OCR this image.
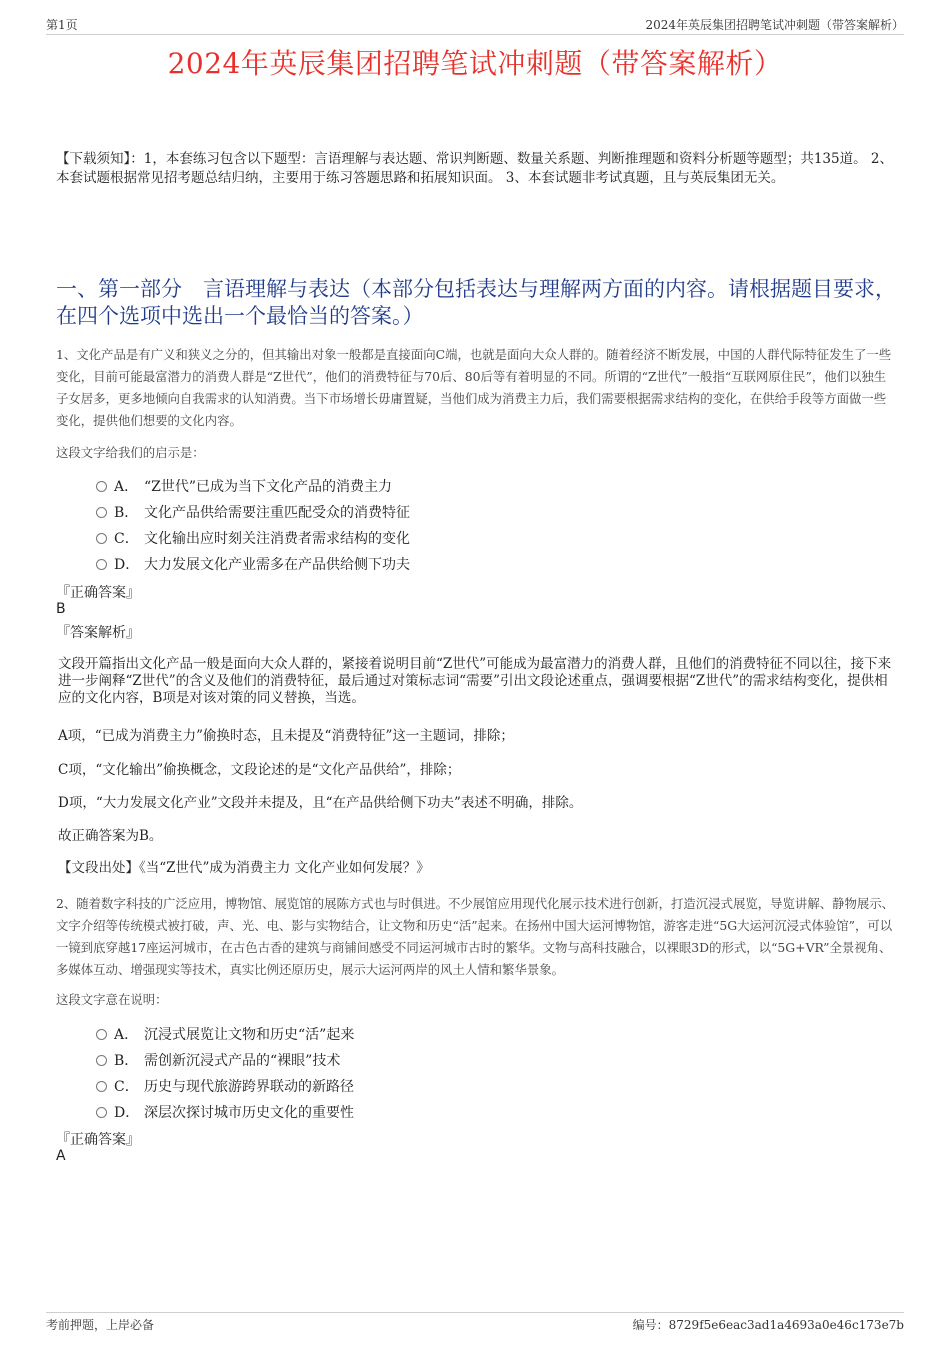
第1页	2024年英辰集团招聘笔试冲刺题（带答案解析）
2024年英辰集团招聘笔试冲刺题（带答案解析）
【下载须知】：1，本套练习包含以下题型：言语理解与表达题、常识判断题、数量关系题、判断推理题和资料分析题等题型；共135道。 2、本套试题根据常见招考题总结归纳，主要用于练习答题思路和拓展知识面。 3、本套试题非考试真题，且与英辰集团无关。
一、第一部分　言语理解与表达（本部分包括表达与理解两方面的内容。请根据题目要求，在四个选项中选出一个最恰当的答案。）
1、文化产品是有广义和狭义之分的，但其输出对象一般都是直接面向C端，也就是面向大众人群的。随着经济不断发展，中国的人群代际特征发生了一些变化，目前可能最富潜力的消费人群是“Z世代”，他们的消费特征与70后、80后等有着明显的不同。所谓的“Z世代”一般指“互联网原住民”，他们以独生子女居多，更多地倾向自我需求的认知消费。当下市场增长毋庸置疑，当他们成为消费主力后，我们需要根据需求结构的变化，在供给手段等方面做一些变化，提供他们想要的文化内容。
这段文字给我们的启示是：
A． “Z世代”已成为当下文化产品的消费主力
B． 文化产品供给需要注重匹配受众的消费特征
C． 文化输出应时刻关注消费者需求结构的变化
D． 大力发展文化产业需多在产品供给侧下功夫
『正确答案』
B
『答案解析』
文段开篇指出文化产品一般是面向大众人群的，紧接着说明目前“Z世代”可能成为最富潜力的消费人群，且他们的消费特征不同以往，接下来进一步阐释“Z世代”的含义及他们的消费特征，最后通过对策标志词“需要”引出文段论述重点，强调要根据“Z世代”的需求结构变化，提供相应的文化内容，B项是对该对策的同义替换，当选。
A项，“已成为消费主力”偷换时态，且未提及“消费特征”这一主题词，排除；
C项，“文化输出”偷换概念，文段论述的是“文化产品供给”，排除；
D项，“大力发展文化产业”文段并未提及，且“在产品供给侧下功夫”表述不明确，排除。
故正确答案为B。
【文段出处】《当“Z世代”成为消费主力 文化产业如何发展？》
2、随着数字科技的广泛应用，博物馆、展览馆的展陈方式也与时俱进。不少展馆应用现代化展示技术进行创新，打造沉浸式展览，导览讲解、静物展示、文字介绍等传统模式被打破，声、光、电、影与实物结合，让文物和历史“活”起来。在扬州中国大运河博物馆，游客走进“5G大运河沉浸式体验馆”，可以一镜到底穿越17座运河城市，在古色古香的建筑与商铺间感受不同运河城市古时的繁华。文物与高科技融合，以裸眼3D的形式，以“5G+VR”全景视角、多媒体互动、增强现实等技术，真实比例还原历史，展示大运河两岸的风土人情和繁华景象。
这段文字意在说明：
A． 沉浸式展览让文物和历史“活”起来
B． 需创新沉浸式产品的“裸眼”技术
C． 历史与现代旅游跨界联动的新路径
D． 深层次探讨城市历史文化的重要性
『正确答案』
A
考前押题，上岸必备	编号：8729f5e6eac3ad1a4693a0e46c173e7b
